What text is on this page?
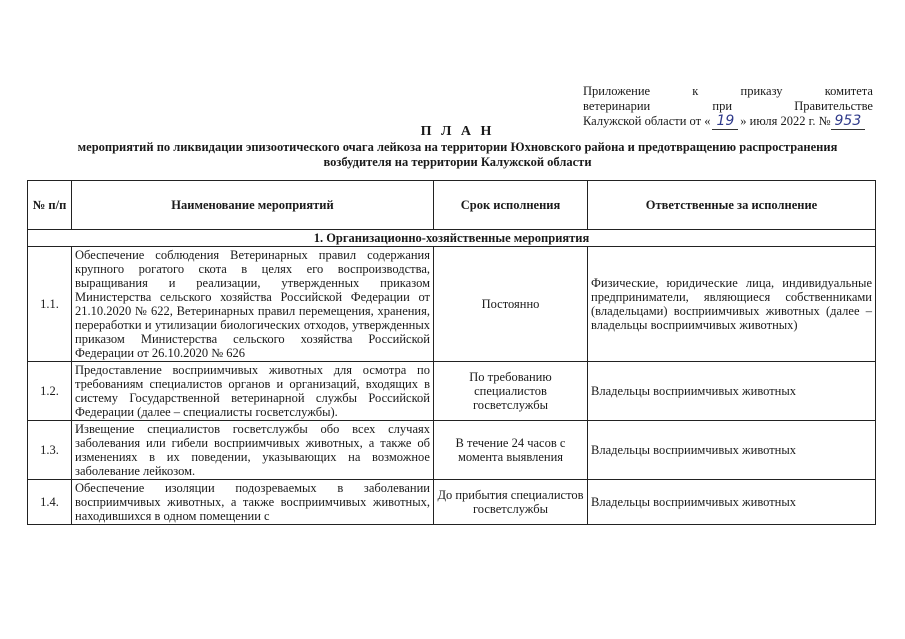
Приложение	к	приказу	комитета
ветеринарии	при	Правительстве
Калужской области от « 19 » июля 2022 г. № 953
П Л А Н
мероприятий по ликвидации эпизоотического очага лейкоза на территории Юхновского района и предотвращению распространения возбудителя на территории Калужской области
№ п/п	Наименование мероприятий	Срок исполнения	Ответственные за исполнение
1. Организационно-хозяйственные мероприятия			
1.1.	Обеспечение соблюдения Ветеринарных правил содержания крупного рогатого скота в целях его воспроизводства, выращивания и реализации, утвержденных приказом Министерства сельского хозяйства Российской Федерации от 21.10.2020 № 622, Ветеринарных правил перемещения, хранения, переработки и утилизации биологических отходов, утвержденных приказом Министерства сельского хозяйства Российской Федерации от 26.10.2020 № 626	Постоянно	Физические, юридические лица, индивидуальные предприниматели, являющиеся собственниками (владельцами) восприимчивых животных (далее – владельцы восприимчивых животных)
1.2.	Предоставление восприимчивых животных для осмотра по требованиям специалистов органов и организаций, входящих в систему Государственной ветеринарной службы Российской Федерации (далее – специалисты госветслужбы).	По требованию специалистов госветслужбы	Владельцы восприимчивых животных
1.3.	Извещение специалистов госветслужбы обо всех случаях заболевания или гибели восприимчивых животных, а также об изменениях в их поведении, указывающих на возможное заболевание лейкозом.	В течение 24 часов с момента выявления	Владельцы восприимчивых животных
1.4.	Обеспечение изоляции подозреваемых в заболевании восприимчивых животных, а также восприимчивых животных, находившихся в одном помещении с	До прибытия специалистов госветслужбы	Владельцы восприимчивых животных
